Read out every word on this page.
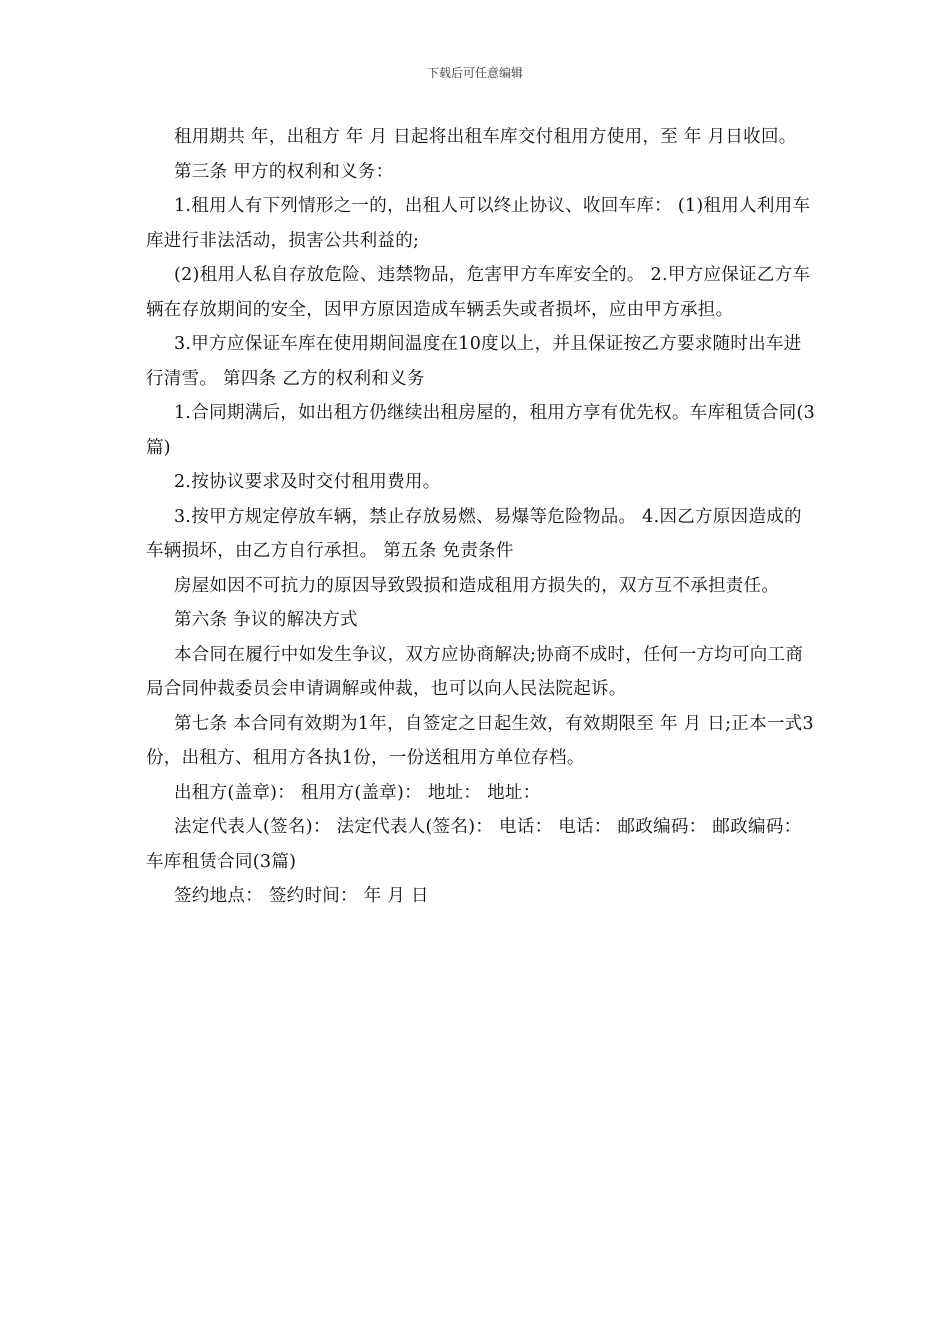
下载后可任意编辑

租用期共 年，出租方 年 月 日起将出租车库交付租用方使用，至 年 月日收回。

第三条 甲方的权利和义务：

1.租用人有下列情形之一的，出租人可以终止协议、收回车库： (1)租用人利用车库进行非法活动，损害公共利益的;

(2)租用人私自存放危险、违禁物品，危害甲方车库安全的。 2.甲方应保证乙方车辆在存放期间的安全，因甲方原因造成车辆丢失或者损坏，应由甲方承担。

3.甲方应保证车库在使用期间温度在10度以上，并且保证按乙方要求随时出车进行清雪。 第四条 乙方的权利和义务

1.合同期满后，如出租方仍继续出租房屋的，租用方享有优先权。车库租赁合同(3篇)

2.按协议要求及时交付租用费用。

3.按甲方规定停放车辆，禁止存放易燃、易爆等危险物品。 4.因乙方原因造成的车辆损坏，由乙方自行承担。 第五条 免责条件

房屋如因不可抗力的原因导致毁损和造成租用方损失的，双方互不承担责任。

第六条 争议的解决方式

本合同在履行中如发生争议，双方应协商解决;协商不成时，任何一方均可向工商局合同仲裁委员会申请调解或仲裁，也可以向人民法院起诉。

第七条 本合同有效期为1年，自签定之日起生效，有效期限至 年 月 日;正本一式3份，出租方、租用方各执1份，一份送租用方单位存档。

出租方(盖章)： 租用方(盖章)： 地址： 地址：

法定代表人(签名)： 法定代表人(签名)： 电话： 电话： 邮政编码： 邮政编码：车库租赁合同(3篇)

签约地点： 签约时间： 年 月 日
